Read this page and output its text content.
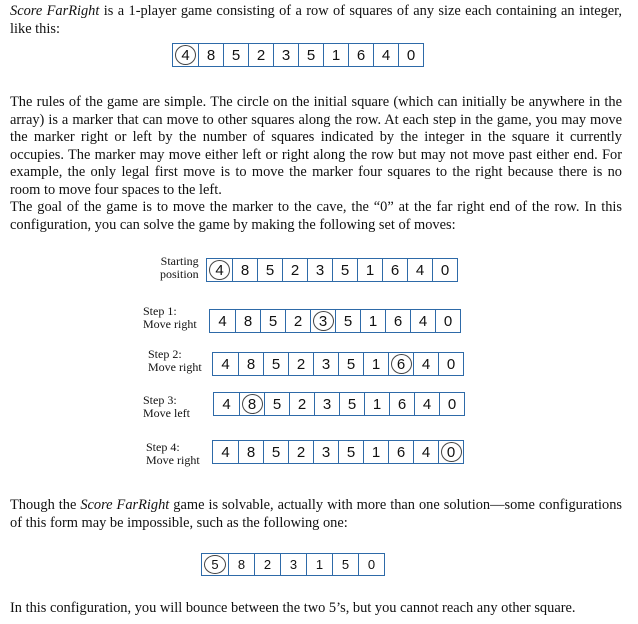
Score FarRight is a 1-player game consisting of a row of squares of any size each containing an integer, like this:

4 8 5 2 3 5 1 6 4 0

The rules of the game are simple. The circle on the initial square (which can initially be anywhere in the array) is a marker that can move to other squares along the row. At each step in the game, you may move the marker right or left by the number of squares indicated by the integer in the square it currently occupies. The marker may move either left or right along the row but may not move past either end. For example, the only legal first move is to move the marker four squares to the right because there is no room to move four spaces to the left.
The goal of the game is to move the marker to the cave, the “0” at the far right end of the row. In this configuration, you can solve the game by making the following set of moves:

Starting
position 4 8 5 2 3 5 1 6 4 0
Step 1:
Move right 4 8 5 2 3 5 1 6 4 0
Step 2:
Move right 4 8 5 2 3 5 1 6 4 0
Step 3:
Move left
4 8 5 2 3 5 1 6 4 0
Step 4:
Move right 4 8 5 2 3 5 1 6 4 0

Though the Score FarRight game is solvable, actually with more than one solution—some configurations of this form may be impossible, such as the following one:

5 8 2 3 1 5 0

In this configuration, you will bounce between the two 5’s, but you cannot reach any other square.
